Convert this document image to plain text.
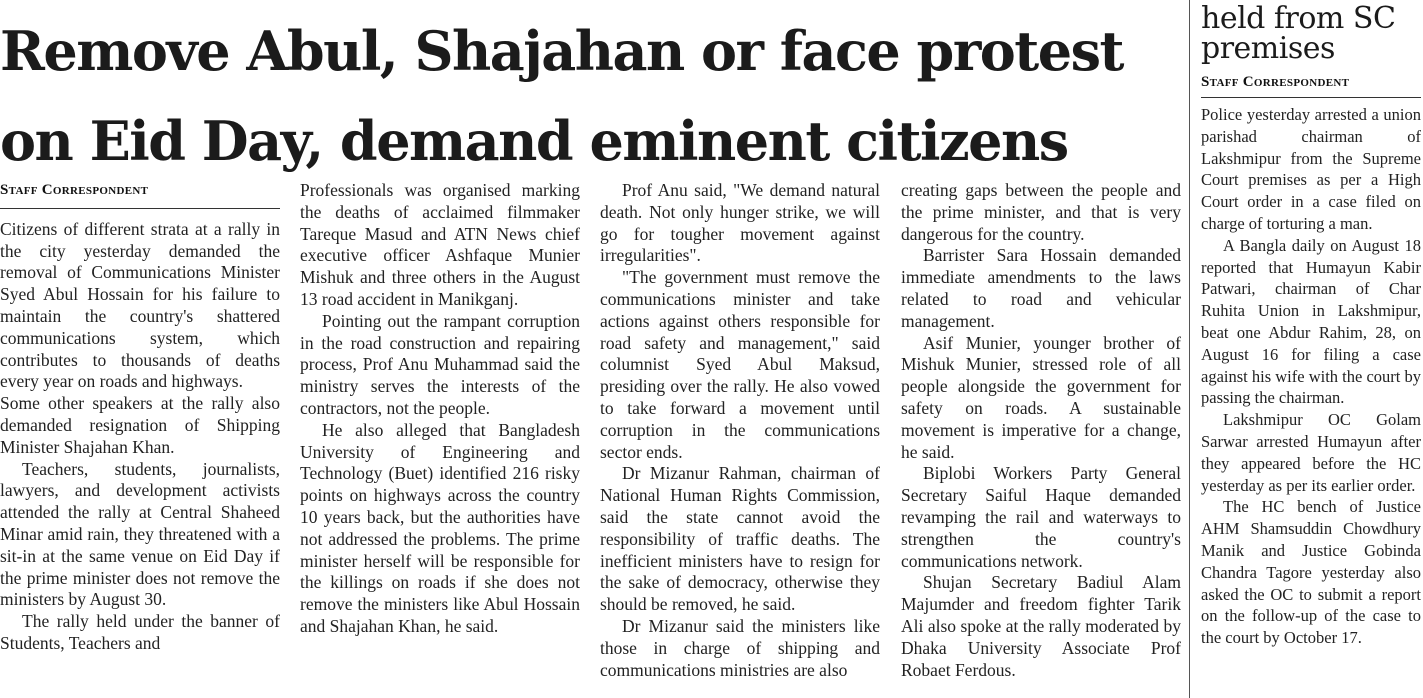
Remove Abul, Shajahan or face protest
on Eid Day, demand eminent citizens
Staff Correspondent

Citizens of different strata at a rally in the city yesterday demanded the removal of Communications Minister Syed Abul Hossain for his failure to maintain the country's shattered communications system, which contributes to thousands of deaths every year on roads and highways.

Some other speakers at the rally also demanded resignation of Shipping Minister Shajahan Khan.

Teachers, students, journalists, lawyers, and development activists attended the rally at Central Shaheed Minar amid rain, they threatened with a sit-in at the same venue on Eid Day if the prime minister does not remove the ministers by August 30.

The rally held under the banner of Students, Teachers and

Professionals was organised marking the deaths of acclaimed filmmaker Tareque Masud and ATN News chief executive officer Ashfaque Munier Mishuk and three others in the August 13 road accident in Manikganj.

Pointing out the rampant corruption in the road construction and repairing process, Prof Anu Muhammad said the ministry serves the interests of the contractors, not the people.

He also alleged that Bangladesh University of Engineering and Technology (Buet) identified 216 risky points on highways across the country 10 years back, but the authorities have not addressed the problems. The prime minister herself will be responsible for the killings on roads if she does not remove the ministers like Abul Hossain and Shajahan Khan, he said.

Prof Anu said, "We demand natural death. Not only hunger strike, we will go for tougher movement against irregularities".

"The government must remove the communications minister and take actions against others responsible for road safety and management," said columnist Syed Abul Maksud, presiding over the rally. He also vowed to take forward a movement until corruption in the communications sector ends.

Dr Mizanur Rahman, chairman of National Human Rights Commission, said the state cannot avoid the responsibility of traffic deaths. The inefficient ministers have to resign for the sake of democracy, otherwise they should be removed, he said.

Dr Mizanur said the ministers like those in charge of shipping and communications ministries are also

creating gaps between the people and the prime minister, and that is very dangerous for the country.

Barrister Sara Hossain demanded immediate amendments to the laws related to road and vehicular management.

Asif Munier, younger brother of Mishuk Munier, stressed role of all people alongside the government for safety on roads. A sustainable movement is imperative for a change, he said.

Biplobi Workers Party General Secretary Saiful Haque demanded revamping the rail and waterways to strengthen the country's communications network.

Shujan Secretary Badiul Alam Majumder and freedom fighter Tarik Ali also spoke at the rally moderated by Dhaka University Associate Prof Robaet Ferdous.

held from SC premises
Staff Correspondent

Police yesterday arrested a union parishad chairman of Lakshmipur from the Supreme Court premises as per a High Court order in a case filed on charge of torturing a man.

A Bangla daily on August 18 reported that Humayun Kabir Patwari, chairman of Char Ruhita Union in Lakshmipur, beat one Abdur Rahim, 28, on August 16 for filing a case against his wife with the court by passing the chairman.

Lakshmipur OC Golam Sarwar arrested Humayun after they appeared before the HC yesterday as per its earlier order.

The HC bench of Justice AHM Shamsuddin Chowdhury Manik and Justice Gobinda Chandra Tagore yesterday also asked the OC to submit a report on the follow-up of the case to the court by October 17.
